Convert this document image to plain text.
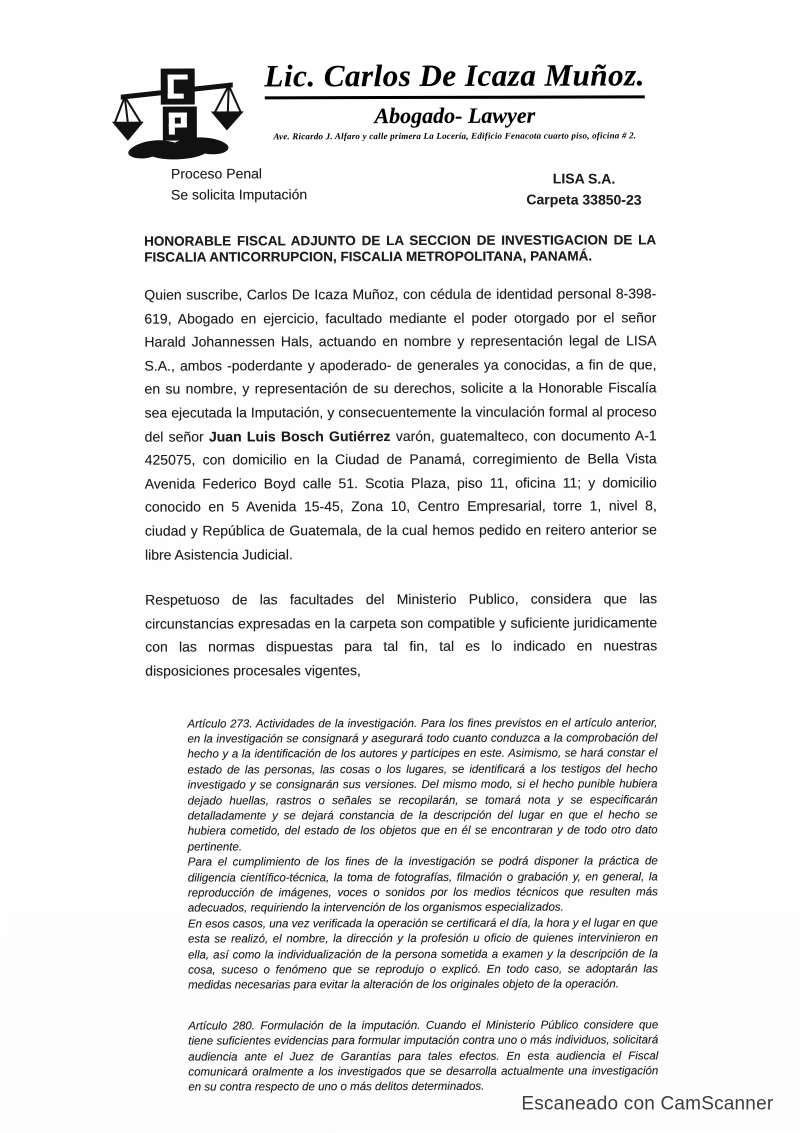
Lic. Carlos De Icaza Muñoz.
Abogado- Lawyer
Ave. Ricardo J. Alfaro y calle primera La Locería, Edificio Fenacota cuarto piso, oficina # 2.
Proceso Penal
Se solicita Imputación
LISA S.A.
Carpeta 33850-23

HONORABLE FISCAL ADJUNTO DE LA SECCION DE INVESTIGACION DE LA FISCALIA ANTICORRUPCION, FISCALIA METROPOLITANA, PANAMÁ.

Quien suscribe, Carlos De Icaza Muñoz, con cédula de identidad personal 8-398-619, Abogado en ejercicio, facultado mediante el poder otorgado por el señor Harald Johannessen Hals, actuando en nombre y representación legal de LISA S.A., ambos -poderdante y apoderado- de generales ya conocidas, a fin de que, en su nombre, y representación de su derechos, solicite a la Honorable Fiscalía sea ejecutada la Imputación, y consecuentemente la vinculación formal al proceso del señor Juan Luis Bosch Gutiérrez varón, guatemalteco, con documento A-1 425075, con domicilio en la Ciudad de Panamá, corregimiento de Bella Vista Avenida Federico Boyd calle 51. Scotia Plaza, piso 11, oficina 11; y domicilio conocido en 5 Avenida 15-45, Zona 10, Centro Empresarial, torre 1, nivel 8, ciudad y República de Guatemala, de la cual hemos pedido en reitero anterior se libre Asistencia Judicial.

Respetuoso de las facultades del Ministerio Publico, considera que las circunstancias expresadas en la carpeta son compatible y suficiente juridicamente con las normas dispuestas para tal fin, tal es lo indicado en nuestras disposiciones procesales vigentes,

Artículo 273. Actividades de la investigación. Para los fines previstos en el artículo anterior, en la investigación se consignará y asegurará todo cuanto conduzca a la comprobación del hecho y a la identificación de los autores y participes en este. Asimismo, se hará constar el estado de las personas, las cosas o los lugares, se identificará a los testigos del hecho investigado y se consignarán sus versiones. Del mismo modo, si el hecho punible hubiera dejado huellas, rastros o señales se recopilarán, se tomará nota y se especificarán detalladamente y se dejará constancia de la descripción del lugar en que el hecho se hubiera cometido, del estado de los objetos que en él se encontraran y de todo otro dato pertinente.

Para el cumplimiento de los fines de la investigación se podrá disponer la práctica de diligencia científico-técnica, la toma de fotografías, filmación o grabación y, en general, la reproducción de imágenes, voces o sonidos por los medios técnicos que resulten más adecuados, requiriendo la intervención de los organismos especializados.

En esos casos, una vez verificada la operación se certificará el día, la hora y el lugar en que esta se realizó, el nombre, la dirección y la profesión u oficio de quienes intervinieron en ella, así como la individualización de la persona sometida a examen y la descripción de la cosa, suceso o fenómeno que se reprodujo o explicó. En todo caso, se adoptarán las medidas necesarias para evitar la alteración de los originales objeto de la operación.

Artículo 280. Formulación de la imputación. Cuando el Ministerio Público considere que tiene suficientes evidencias para formular imputación contra uno o más individuos, solicitará audiencia ante el Juez de Garantías para tales efectos. En esta audiencia el Fiscal comunicará oralmente a los investigados que se desarrolla actualmente una investigación en su contra respecto de uno o más delitos determinados.

Escaneado con CamScanner
